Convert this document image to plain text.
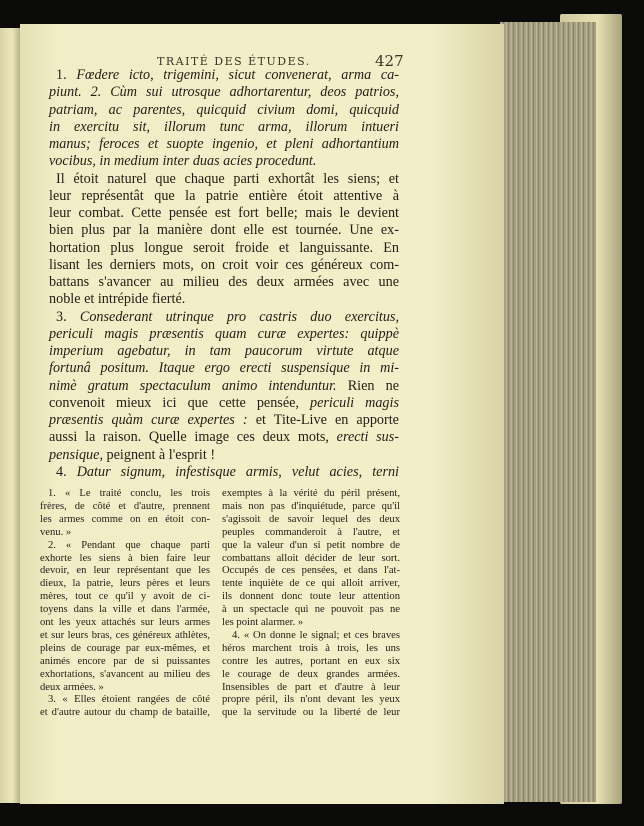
TRAITÉ DES ÉTUDES.	427
1. Fœdere icto, trigemini, sicut convenerat, arma ca-
piunt. 2. Cùm sui utrosque adhortarentur, deos patrios,
patriam, ac parentes, quicquid civium domi, quicquid
in exercitu sit, illorum tunc arma, illorum intueri
manus; feroces et suopte ingenio, et pleni adhortantium
vocibus, in medium inter duas acies procedunt.
Il étoit naturel que chaque parti exhortât les siens; et
leur représentât que la patrie entière étoit attentive à
leur combat. Cette pensée est fort belle; mais le devient
bien plus par la manière dont elle est tournée. Une ex-
hortation plus longue seroit froide et languissante. En
lisant les derniers mots, on croit voir ces généreux com-
battans s'avancer au milieu des deux armées avec une
noble et intrépide fierté.
3. Consederant utrinque pro castris duo exercitus,
periculi magis præsentis quam curæ expertes: quippè
imperium agebatur, in tam paucorum virtute atque
fortunâ positum. Itaque ergo erecti suspensique in mi-
nimè gratum spectaculum animo intenduntur. Rien ne
convenoit mieux ici que cette pensée, periculi magis
præsentis quàm curæ expertes : et Tite-Live en apporte
aussi la raison. Quelle image ces deux mots, erecti sus-
pensique, peignent à l'esprit !
4. Datur signum, infestisque armis, velut acies, terni
1. « Le traité conclu, les trois
frères, de côté et d'autre, prennent
les armes comme on en étoit con-
venu. »
2. « Pendant que chaque parti
exhorte les siens à bien faire leur
devoir, en leur représentant que les
dieux, la patrie, leurs pères et leurs
mères, tout ce qu'il y avoit de ci-
toyens dans la ville et dans l'armée,
ont les yeux attachés sur leurs armes
et sur leurs bras, ces généreux athlètes,
pleins de courage par eux-mêmes, et
animés encore par de si puissantes
exhortations, s'avancent au milieu des
deux armées. »
3. « Elles étoient rangées de côté
et d'autre autour du champ de bataille,
exemptes à la vérité du péril présent,
mais non pas d'inquiétude, parce qu'il
s'agissoit de savoir lequel des deux
peuples commanderoit à l'autre, et
que la valeur d'un si petit nombre de
combattans alloit décider de leur sort.
Occupés de ces pensées, et dans l'at-
tente inquiète de ce qui alloit arriver,
ils donnent donc toute leur attention
à un spectacle qui ne pouvoit pas ne
les point alarmer. »
4. « On donne le signal; et ces braves
héros marchent trois à trois, les uns
contre les autres, portant en eux six
le courage de deux grandes armées.
Insensibles de part et d'autre à leur
propre péril, ils n'ont devant les yeux
que la servitude ou la liberté de leur
